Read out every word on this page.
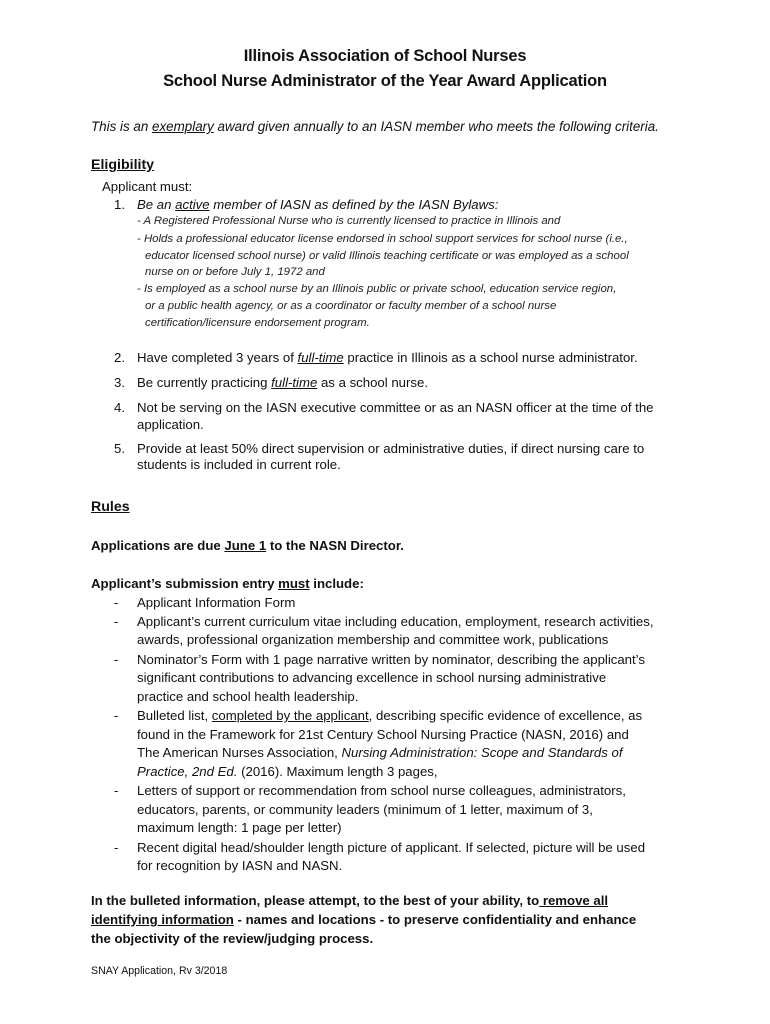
Illinois Association of School Nurses
School Nurse Administrator of the Year Award Application
This is an exemplary award given annually to an IASN member who meets the following criteria.
Eligibility
Applicant must:
1. Be an active member of IASN as defined by the IASN Bylaws:
- A Registered Professional Nurse who is currently licensed to practice in Illinois and
- Holds a professional educator license endorsed in school support services for school nurse (i.e.,
educator licensed school nurse) or valid Illinois teaching certificate or was employed as a school
nurse on or before July 1, 1972 and
- Is employed as a school nurse by an Illinois public or private school, education service region,
or a public health agency, or as a coordinator or faculty member of a school nurse
certification/licensure endorsement program.
2. Have completed 3 years of full-time practice in Illinois as a school nurse administrator.
3. Be currently practicing full-time as a school nurse.
4. Not be serving on the IASN executive committee or as an NASN officer at the time of the
application.
5. Provide at least 50% direct supervision or administrative duties, if direct nursing care to
students is included in current role.
Rules
Applications are due June 1 to the NASN Director.
Applicant’s submission entry must include:
- Applicant Information Form
- Applicant’s current curriculum vitae including education, employment, research activities,
awards, professional organization membership and committee work, publications
- Nominator’s Form with 1 page narrative written by nominator, describing the applicant’s
significant contributions to advancing excellence in school nursing administrative
practice and school health leadership.
- Bulleted list, completed by the applicant, describing specific evidence of excellence, as
found in the Framework for 21st Century School Nursing Practice (NASN, 2016) and
The American Nurses Association, Nursing Administration: Scope and Standards of
Practice, 2nd Ed. (2016). Maximum length 3 pages,
- Letters of support or recommendation from school nurse colleagues, administrators,
educators, parents, or community leaders (minimum of 1 letter, maximum of 3,
maximum length: 1 page per letter)
- Recent digital head/shoulder length picture of applicant. If selected, picture will be used
for recognition by IASN and NASN.
In the bulleted information, please attempt, to the best of your ability, to remove all
identifying information - names and locations - to preserve confidentiality and enhance
the objectivity of the review/judging process.
SNAY Application, Rv 3/2018
